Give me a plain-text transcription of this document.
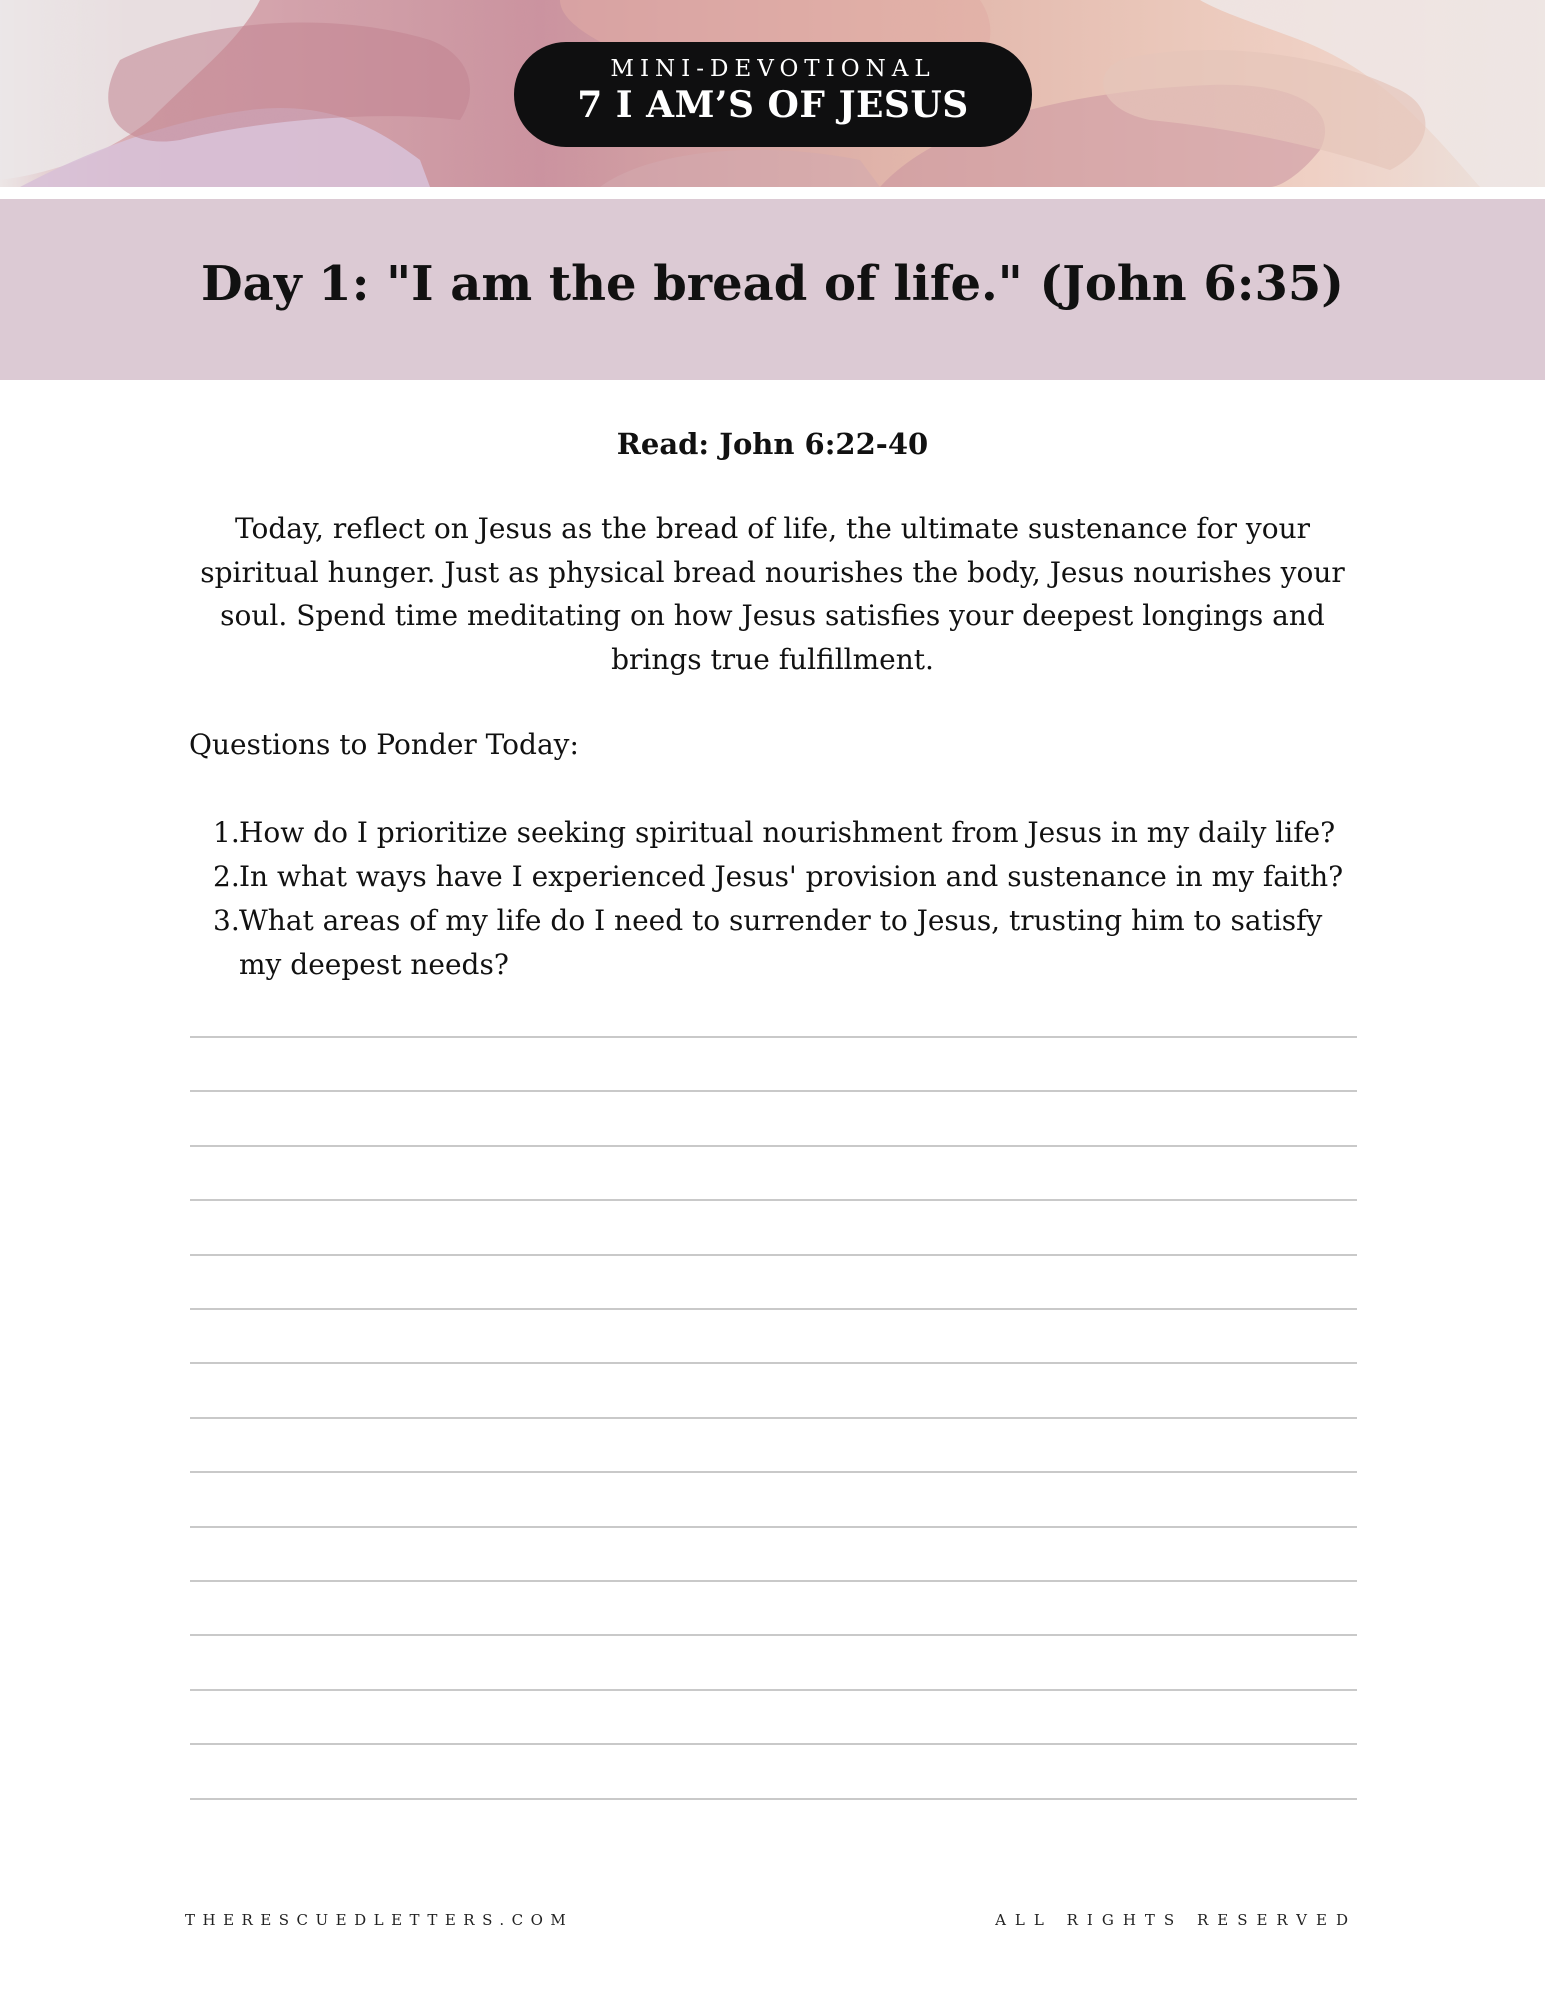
MINI-DEVOTIONAL
7 I AM’S OF JESUS
Day 1: "I am the bread of life." (John 6:35)
Read: John 6:22-40

Today, reflect on Jesus as the bread of life, the ultimate sustenance for your spiritual hunger. Just as physical bread nourishes the body, Jesus nourishes your soul. Spend time meditating on how Jesus satisfies your deepest longings and brings true fulfillment.

Questions to Ponder Today:
1. How do I prioritize seeking spiritual nourishment from Jesus in my daily life?
2. In what ways have I experienced Jesus' provision and sustenance in my faith?
3. What areas of my life do I need to surrender to Jesus, trusting him to satisfy my deepest needs?
THERESCUEDLETTERS.COM	ALL RIGHTS RESERVED
